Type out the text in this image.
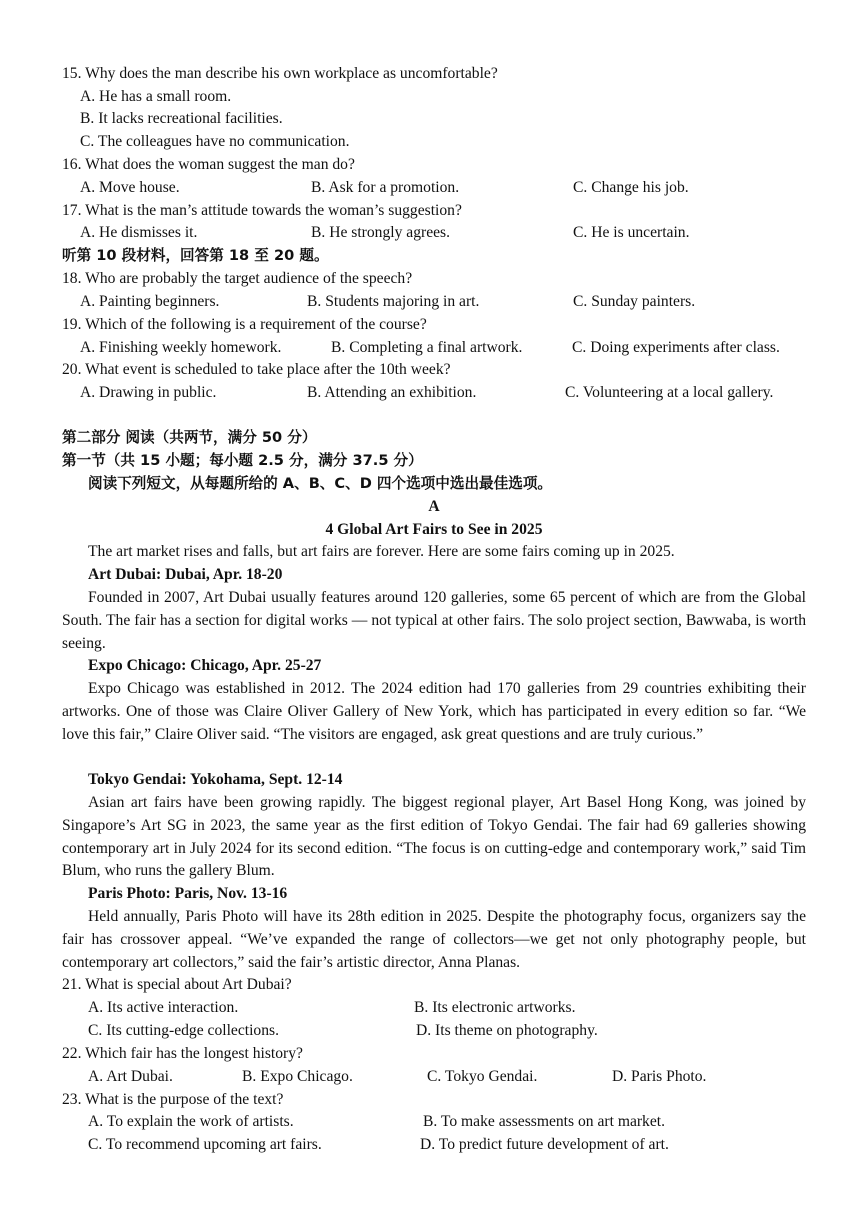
15. Why does the man describe his own workplace as uncomfortable?
A. He has a small room.
B. It lacks recreational facilities.
C. The colleagues have no communication.
16. What does the woman suggest the man do?
A. Move house.	B. Ask for a promotion.	C. Change his job.
17. What is the man’s attitude towards the woman’s suggestion?
A. He dismisses it.	B. He strongly agrees.	C. He is uncertain.
听第 10 段材料，回答第 18 至 20 题。
18. Who are probably the target audience of the speech?
A. Painting beginners.	B. Students majoring in art.	C. Sunday painters.
19. Which of the following is a requirement of the course?
A. Finishing weekly homework.	B. Completing a final artwork.	C. Doing experiments after class.
20. What event is scheduled to take place after the 10th week?
A. Drawing in public.	B. Attending an exhibition.	C. Volunteering at a local gallery.
第二部分 阅读（共两节，满分 50 分）
第一节（共 15 小题；每小题 2.5 分，满分 37.5 分）
阅读下列短文，从每题所给的 A、B、C、D 四个选项中选出最佳选项。
A
4 Global Art Fairs to See in 2025
The art market rises and falls, but art fairs are forever. Here are some fairs coming up in 2025.
Art Dubai: Dubai, Apr. 18-20
Founded in 2007, Art Dubai usually features around 120 galleries, some 65 percent of which are from the Global South. The fair has a section for digital works — not typical at other fairs. The solo project section, Bawwaba, is worth seeing.
Expo Chicago: Chicago, Apr. 25-27
Expo Chicago was established in 2012. The 2024 edition had 170 galleries from 29 countries exhibiting their artworks. One of those was Claire Oliver Gallery of New York, which has participated in every edition so far. “We love this fair,” Claire Oliver said. “The visitors are engaged, ask great questions and are truly curious.”
Tokyo Gendai: Yokohama, Sept. 12-14
Asian art fairs have been growing rapidly. The biggest regional player, Art Basel Hong Kong, was joined by Singapore’s Art SG in 2023, the same year as the first edition of Tokyo Gendai. The fair had 69 galleries showing contemporary art in July 2024 for its second edition. “The focus is on cutting-edge and contemporary work,” said Tim Blum, who runs the gallery Blum.
Paris Photo: Paris, Nov. 13-16
Held annually, Paris Photo will have its 28th edition in 2025. Despite the photography focus, organizers say the fair has crossover appeal. “We’ve expanded the range of collectors—we get not only photography people, but contemporary art collectors,” said the fair’s artistic director, Anna Planas.
21. What is special about Art Dubai?
A. Its active interaction.	B. Its electronic artworks.
C. Its cutting-edge collections.	D. Its theme on photography.
22. Which fair has the longest history?
A. Art Dubai.	B. Expo Chicago.	C. Tokyo Gendai.	D. Paris Photo.
23. What is the purpose of the text?
A. To explain the work of artists.	B. To make assessments on art market.
C. To recommend upcoming art fairs.	D. To predict future development of art.
